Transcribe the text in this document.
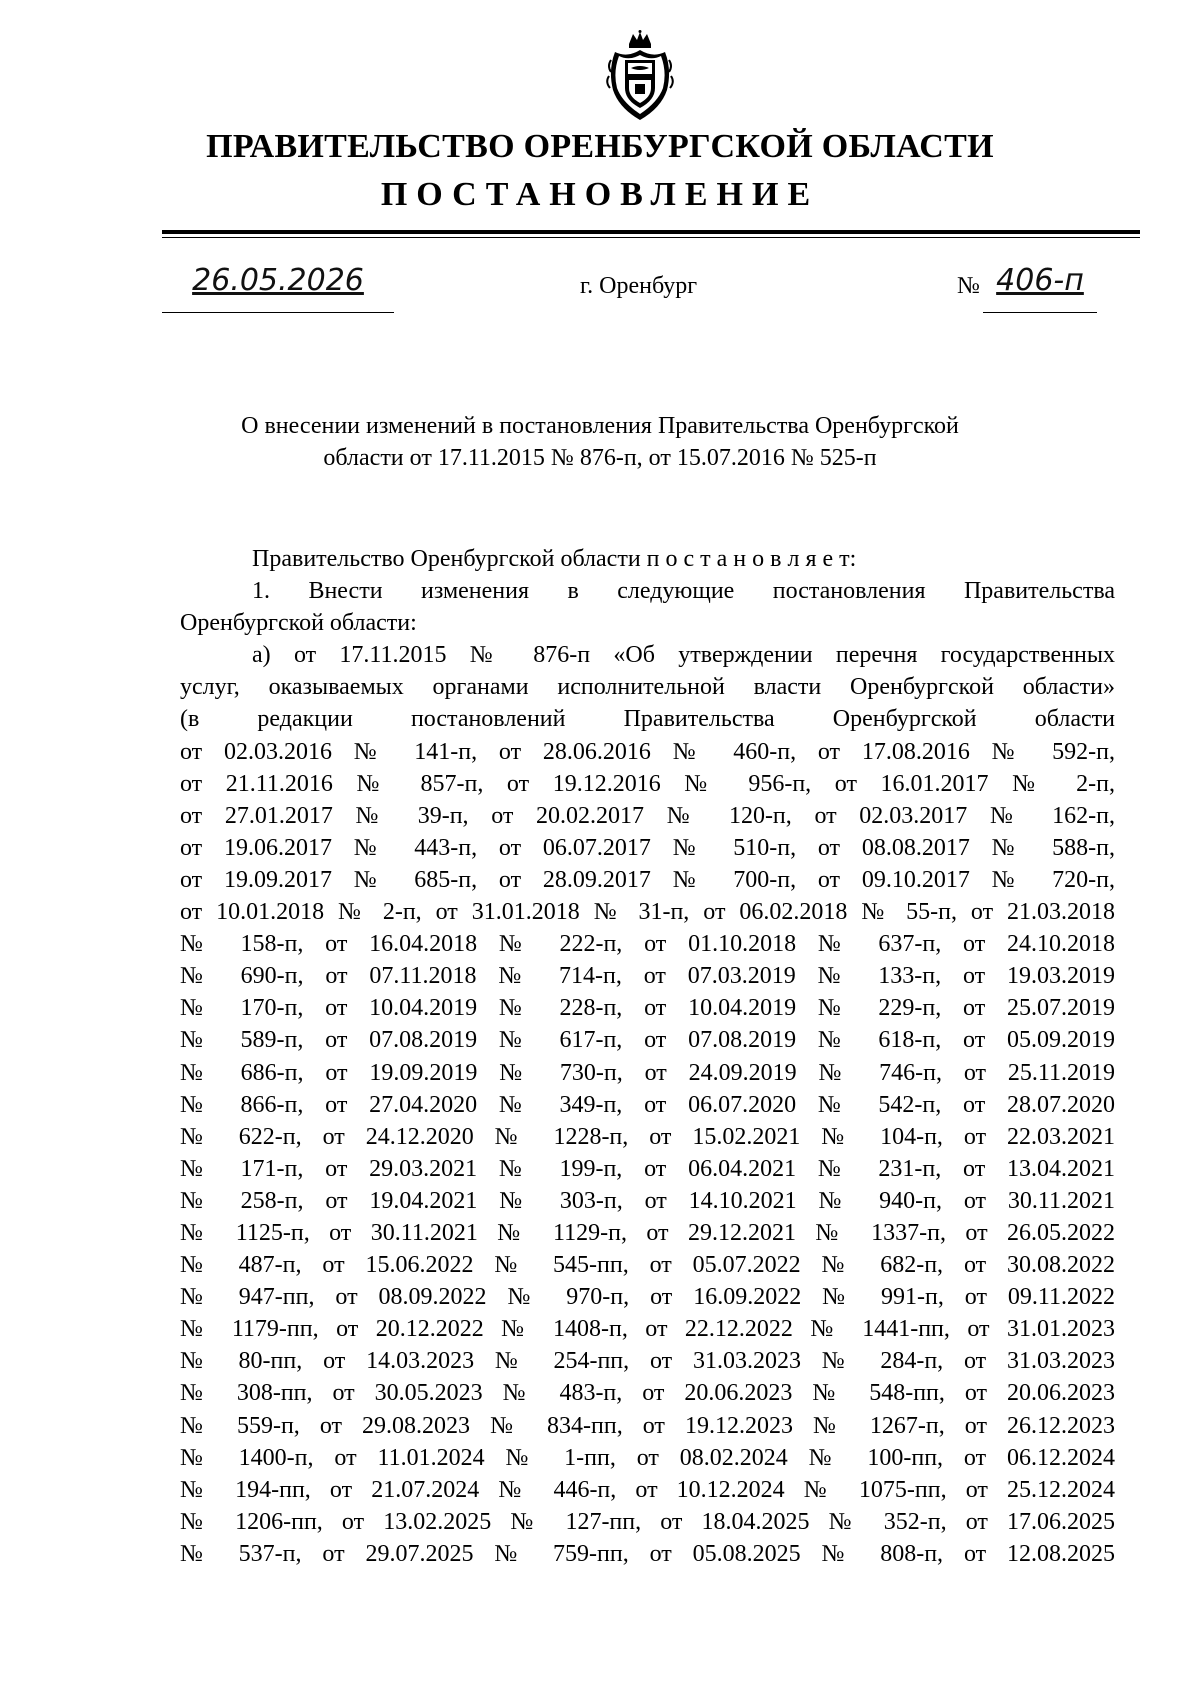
ПРАВИТЕЛЬСТВО ОРЕНБУРГСКОЙ ОБЛАСТИ
ПОСТАНОВЛЕНИЕ
26.05.2026	г. Оренбург	№ 406-п
О внесении изменений в постановления Правительства Оренбургской
области от 17.11.2015 № 876-п, от 15.07.2016 № 525-п
Правительство Оренбургской области п о с т а н о в л я е т:
1. Внести изменения в следующие постановления Правительства
Оренбургской области:
а) от 17.11.2015 № 876-п «Об утверждении перечня государственных
услуг, оказываемых органами исполнительной власти Оренбургской области»
(в редакции постановлений Правительства Оренбургской области
от 02.03.2016 № 141-п, от 28.06.2016 № 460-п, от 17.08.2016 № 592-п,
от 21.11.2016 № 857-п, от 19.12.2016 № 956-п, от 16.01.2017 № 2-п,
от 27.01.2017 № 39-п, от 20.02.2017 № 120-п, от 02.03.2017 № 162-п,
от 19.06.2017 № 443-п, от 06.07.2017 № 510-п, от 08.08.2017 № 588-п,
от 19.09.2017 № 685-п, от 28.09.2017 № 700-п, от 09.10.2017 № 720-п,
от 10.01.2018 № 2-п, от 31.01.2018 № 31-п, от 06.02.2018 № 55-п, от 21.03.2018
№ 158-п, от 16.04.2018 № 222-п, от 01.10.2018 № 637-п, от 24.10.2018
№ 690-п, от 07.11.2018 № 714-п, от 07.03.2019 № 133-п, от 19.03.2019
№ 170-п, от 10.04.2019 № 228-п, от 10.04.2019 № 229-п, от 25.07.2019
№ 589-п, от 07.08.2019 № 617-п, от 07.08.2019 № 618-п, от 05.09.2019
№ 686-п, от 19.09.2019 № 730-п, от 24.09.2019 № 746-п, от 25.11.2019
№ 866-п, от 27.04.2020 № 349-п, от 06.07.2020 № 542-п, от 28.07.2020
№ 622-п, от 24.12.2020 № 1228-п, от 15.02.2021 № 104-п, от 22.03.2021
№ 171-п, от 29.03.2021 № 199-п, от 06.04.2021 № 231-п, от 13.04.2021
№ 258-п, от 19.04.2021 № 303-п, от 14.10.2021 № 940-п, от 30.11.2021
№ 1125-п, от 30.11.2021 № 1129-п, от 29.12.2021 № 1337-п, от 26.05.2022
№ 487-п, от 15.06.2022 № 545-пп, от 05.07.2022 № 682-п, от 30.08.2022
№ 947-пп, от 08.09.2022 № 970-п, от 16.09.2022 № 991-п, от 09.11.2022
№ 1179-пп, от 20.12.2022 № 1408-п, от 22.12.2022 № 1441-пп, от 31.01.2023
№ 80-пп, от 14.03.2023 № 254-пп, от 31.03.2023 № 284-п, от 31.03.2023
№ 308-пп, от 30.05.2023 № 483-п, от 20.06.2023 № 548-пп, от 20.06.2023
№ 559-п, от 29.08.2023 № 834-пп, от 19.12.2023 № 1267-п, от 26.12.2023
№ 1400-п, от 11.01.2024 № 1-пп, от 08.02.2024 № 100-пп, от 06.12.2024
№ 194-пп, от 21.07.2024 № 446-п, от 10.12.2024 № 1075-пп, от 25.12.2024
№ 1206-пп, от 13.02.2025 № 127-пп, от 18.04.2025 № 352-п, от 17.06.2025
№ 537-п, от 29.07.2025 № 759-пп, от 05.08.2025 № 808-п, от 12.08.2025
